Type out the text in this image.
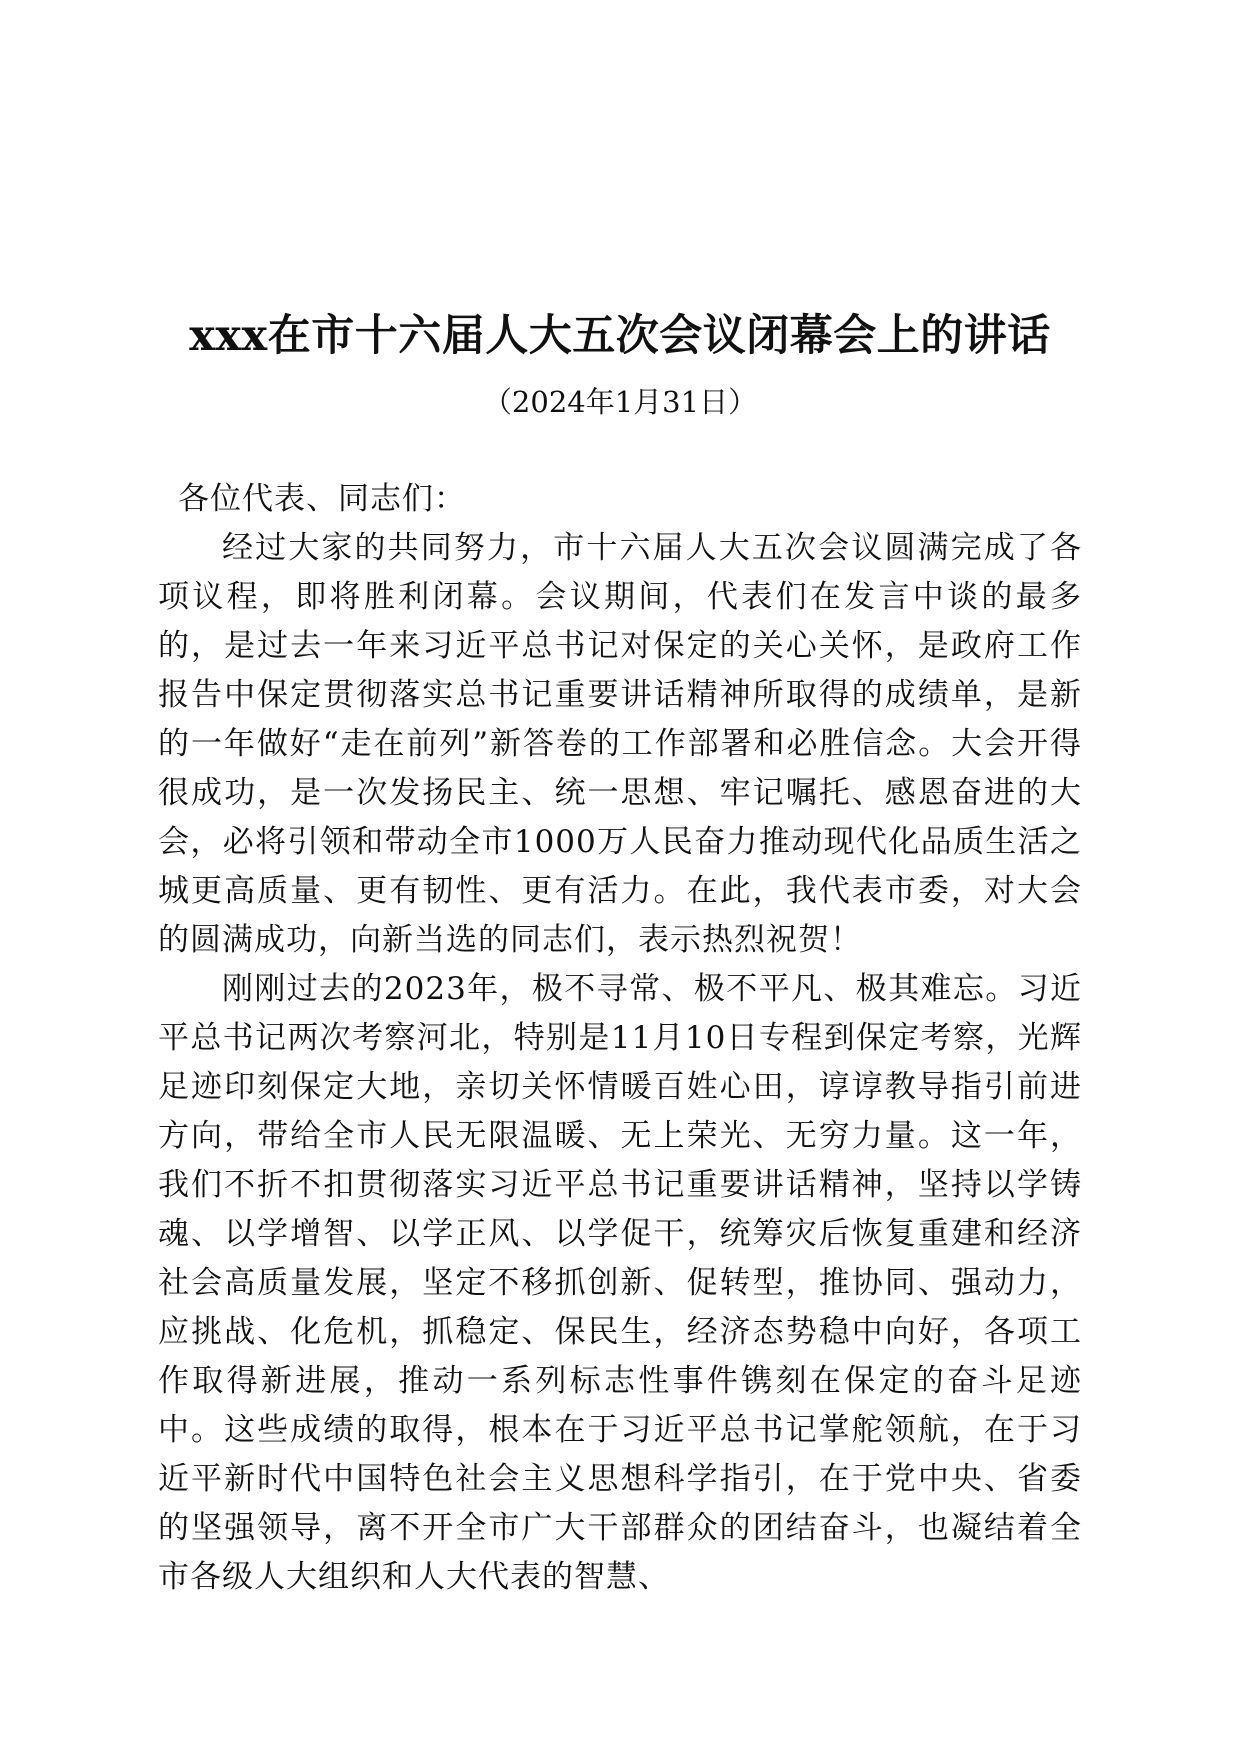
xxx在市十六届人大五次会议闭幕会上的讲话

（2024年1月31日）

各位代表、同志们：

经过大家的共同努力，市十六届人大五次会议圆满完成了各项议程，即将胜利闭幕。会议期间，代表们在发言中谈的最多的，是过去一年来习近平总书记对保定的关心关怀，是政府工作报告中保定贯彻落实总书记重要讲话精神所取得的成绩单，是新的一年做好“走在前列”新答卷的工作部署和必胜信念。大会开得很成功，是一次发扬民主、统一思想、牢记嘱托、感恩奋进的大会，必将引领和带动全市1000万人民奋力推动现代化品质生活之城更高质量、更有韧性、更有活力。在此，我代表市委，对大会的圆满成功，向新当选的同志们，表示热烈祝贺！

刚刚过去的2023年，极不寻常、极不平凡、极其难忘。习近平总书记两次考察河北，特别是11月10日专程到保定考察，光辉足迹印刻保定大地，亲切关怀情暖百姓心田，谆谆教导指引前进方向，带给全市人民无限温暖、无上荣光、无穷力量。这一年，我们不折不扣贯彻落实习近平总书记重要讲话精神，坚持以学铸魂、以学增智、以学正风、以学促干，统筹灾后恢复重建和经济社会高质量发展，坚定不移抓创新、促转型，推协同、强动力，应挑战、化危机，抓稳定、保民生，经济态势稳中向好，各项工作取得新进展，推动一系列标志性事件镌刻在保定的奋斗足迹中。这些成绩的取得，根本在于习近平总书记掌舵领航，在于习近平新时代中国特色社会主义思想科学指引，在于党中央、省委的坚强领导，离不开全市广大干部群众的团结奋斗，也凝结着全市各级人大组织和人大代表的智慧、
